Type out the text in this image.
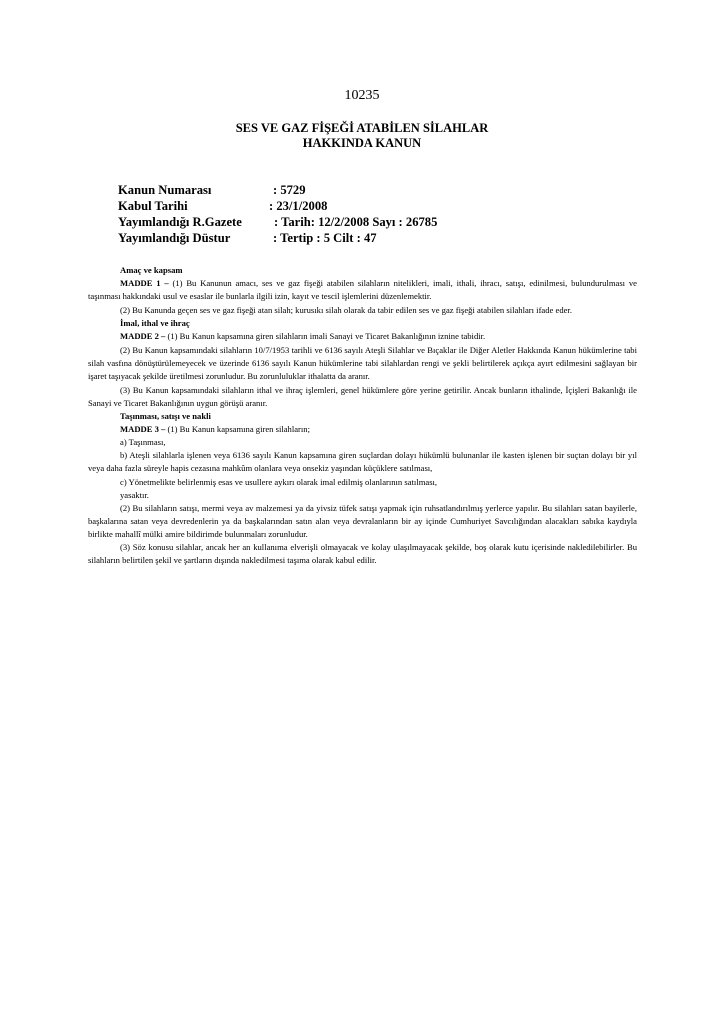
10235
SES VE GAZ FİŞEĞİ ATABİLEN SİLAHLAR
HAKKINDA KANUN
Kanun Numarası	: 5729
Kabul Tarihi	: 23/1/2008
Yayımlandığı R.Gazete	: Tarih: 12/2/2008 Sayı : 26785
Yayımlandığı Düstur	: Tertip : 5 Cilt : 47

Amaç ve kapsam

MADDE 1 – (1) Bu Kanunun amacı, ses ve gaz fişeği atabilen silahların nitelikleri, imali, ithali, ihracı, satışı, edinilmesi, bulundurulması ve taşınması hakkındaki usul ve esaslar ile bunlarla ilgili izin, kayıt ve tescil işlemlerini düzenlemektir.

(2) Bu Kanunda geçen ses ve gaz fişeği atan silah; kurusıkı silah olarak da tabir edilen ses ve gaz fişeği atabilen silahları ifade eder.

İmal, ithal ve ihraç

MADDE 2 – (1) Bu Kanun kapsamına giren silahların imali Sanayi ve Ticaret Bakanlığının iznine tabidir.

(2) Bu Kanun kapsamındaki silahların 10/7/1953 tarihli ve 6136 sayılı Ateşli Silahlar ve Bıçaklar ile Diğer Aletler Hakkında Kanun hükümlerine tabi silah vasfına dönüştürülemeyecek ve üzerinde 6136 sayılı Kanun hükümlerine tabi silahlardan rengi ve şekli belirtilerek açıkça ayırt edilmesini sağlayan bir işaret taşıyacak şekilde üretilmesi zorunludur. Bu zorunluluklar ithalatta da aranır.

(3) Bu Kanun kapsamındaki silahların ithal ve ihraç işlemleri, genel hükümlere göre yerine getirilir. Ancak bunların ithalinde, İçişleri Bakanlığı ile Sanayi ve Ticaret Bakanlığının uygun görüşü aranır.

Taşınması, satışı ve nakli

MADDE 3 – (1) Bu Kanun kapsamına giren silahların;

a) Taşınması,

b) Ateşli silahlarla işlenen veya 6136 sayılı Kanun kapsamına giren suçlardan dolayı hükümlü bulunanlar ile kasten işlenen bir suçtan dolayı bir yıl veya daha fazla süreyle hapis cezasına mahkûm olanlara veya onsekiz yaşından küçüklere satılması,

c) Yönetmelikte belirlenmiş esas ve usullere aykırı olarak imal edilmiş olanlarının satılması,

yasaktır.

(2) Bu silahların satışı, mermi veya av malzemesi ya da yivsiz tüfek satışı yapmak için ruhsatlandırılmış yerlerce yapılır. Bu silahları satan bayilerle, başkalarına satan veya devredenlerin ya da başkalarından satın alan veya devralanların bir ay içinde Cumhuriyet Savcılığından alacakları sabıka kaydıyla birlikte mahallî mülki amire bildirimde bulunmaları zorunludur.

(3) Söz konusu silahlar, ancak her an kullanıma elverişli olmayacak ve kolay ulaşılmayacak şekilde, boş olarak kutu içerisinde nakledilebilirler. Bu silahların belirtilen şekil ve şartların dışında nakledilmesi taşıma olarak kabul edilir.
